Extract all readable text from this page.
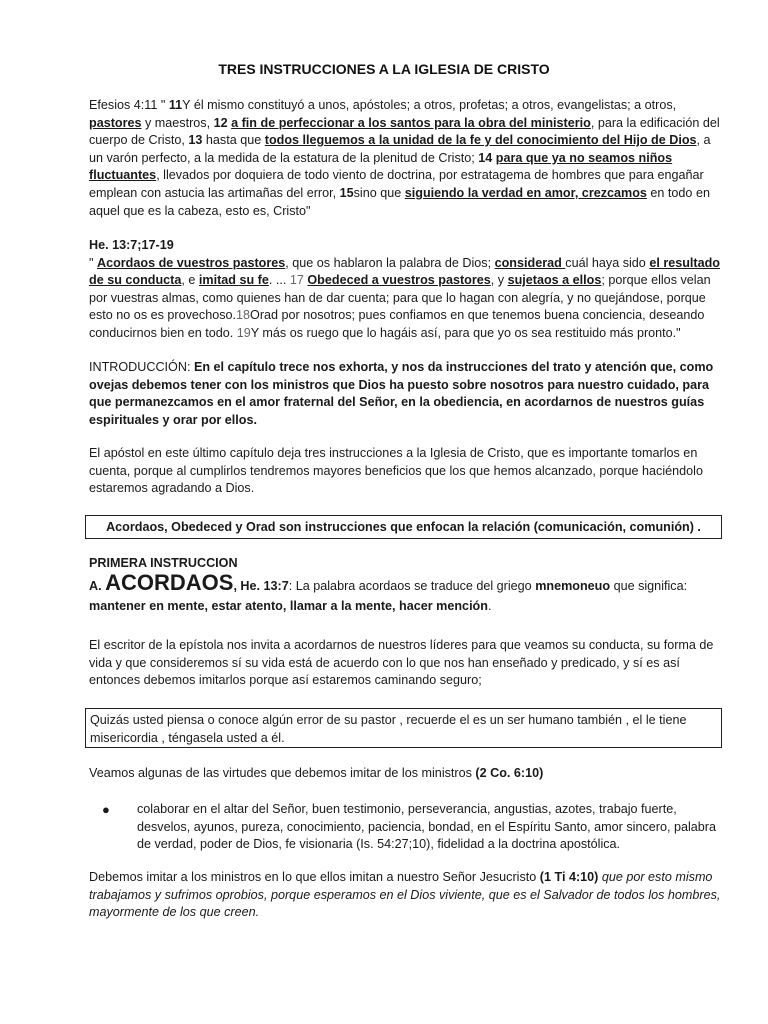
TRES INSTRUCCIONES A LA IGLESIA DE CRISTO

Efesios 4:11 " 11Y él mismo constituyó a unos, apóstoles; a otros, profetas; a otros, evangelistas; a otros, pastores y maestros, 12 a fin de perfeccionar a los santos para la obra del ministerio, para la edificación del cuerpo de Cristo, 13 hasta que todos lleguemos a la unidad de la fe y del conocimiento del Hijo de Dios, a un varón perfecto, a la medida de la estatura de la plenitud de Cristo; 14 para que ya no seamos niños fluctuantes, llevados por doquiera de todo viento de doctrina, por estratagema de hombres que para engañar emplean con astucia las artimañas del error, 15sino que siguiendo la verdad en amor, crezcamos en todo en aquel que es la cabeza, esto es, Cristo"

He. 13:7;17-19
" Acordaos de vuestros pastores, que os hablaron la palabra de Dios; considerad cuál haya sido el resultado de su conducta, e imitad su fe. ... 17 Obedeced a vuestros pastores, y sujetaos a ellos; porque ellos velan por vuestras almas, como quienes han de dar cuenta; para que lo hagan con alegría, y no quejándose, porque esto no os es provechoso.18Orad por nosotros; pues confiamos en que tenemos buena conciencia, deseando conducirnos bien en todo. 19Y más os ruego que lo hagáis así, para que yo os sea restituido más pronto."

INTRODUCCIÓN: En el capítulo trece nos exhorta, y nos da instrucciones del trato y atención que, como ovejas debemos tener con los ministros que Dios ha puesto sobre nosotros para nuestro cuidado, para que permanezcamos en el amor fraternal del Señor, en la obediencia, en acordarnos de nuestros guías espirituales y orar por ellos.

El apóstol en este último capítulo deja tres instrucciones a la Iglesia de Cristo, que es importante tomarlos en cuenta, porque al cumplirlos tendremos mayores beneficios que los que hemos alcanzado, porque haciéndolo estaremos agradando a Dios.

Acordaos, Obedeced y Orad son instrucciones que enfocan la relación (comunicación, comunión) .

PRIMERA INSTRUCCION

A. ACORDAOS, He. 13:7: La palabra acordaos se traduce del griego mnemoneuo que significa: mantener en mente, estar atento, llamar a la mente, hacer mención.

El escritor de la epístola nos invita a acordarnos de nuestros líderes para que veamos su conducta, su forma de vida y que consideremos sí su vida está de acuerdo con lo que nos han enseñado y predicado, y sí es así entonces debemos imitarlos porque así estaremos caminando seguro;

Quizás usted piensa o conoce algún error de su pastor , recuerde el es un ser humano también , el le tiene misericordia , téngasela usted a él.

Veamos algunas de las virtudes que debemos imitar de los ministros (2 Co. 6:10)

●	colaborar en el altar del Señor, buen testimonio, perseverancia, angustias, azotes, trabajo fuerte, desvelos, ayunos, pureza, conocimiento, paciencia, bondad, en el Espíritu Santo, amor sincero, palabra de verdad, poder de Dios, fe visionaria (Is. 54:27;10), fidelidad a la doctrina apostólica.

Debemos imitar a los ministros en lo que ellos imitan a nuestro Señor Jesucristo (1 Ti 4:10) que por esto mismo trabajamos y sufrimos oprobios, porque esperamos en el Dios viviente, que es el Salvador de todos los hombres, mayormente de los que creen.
